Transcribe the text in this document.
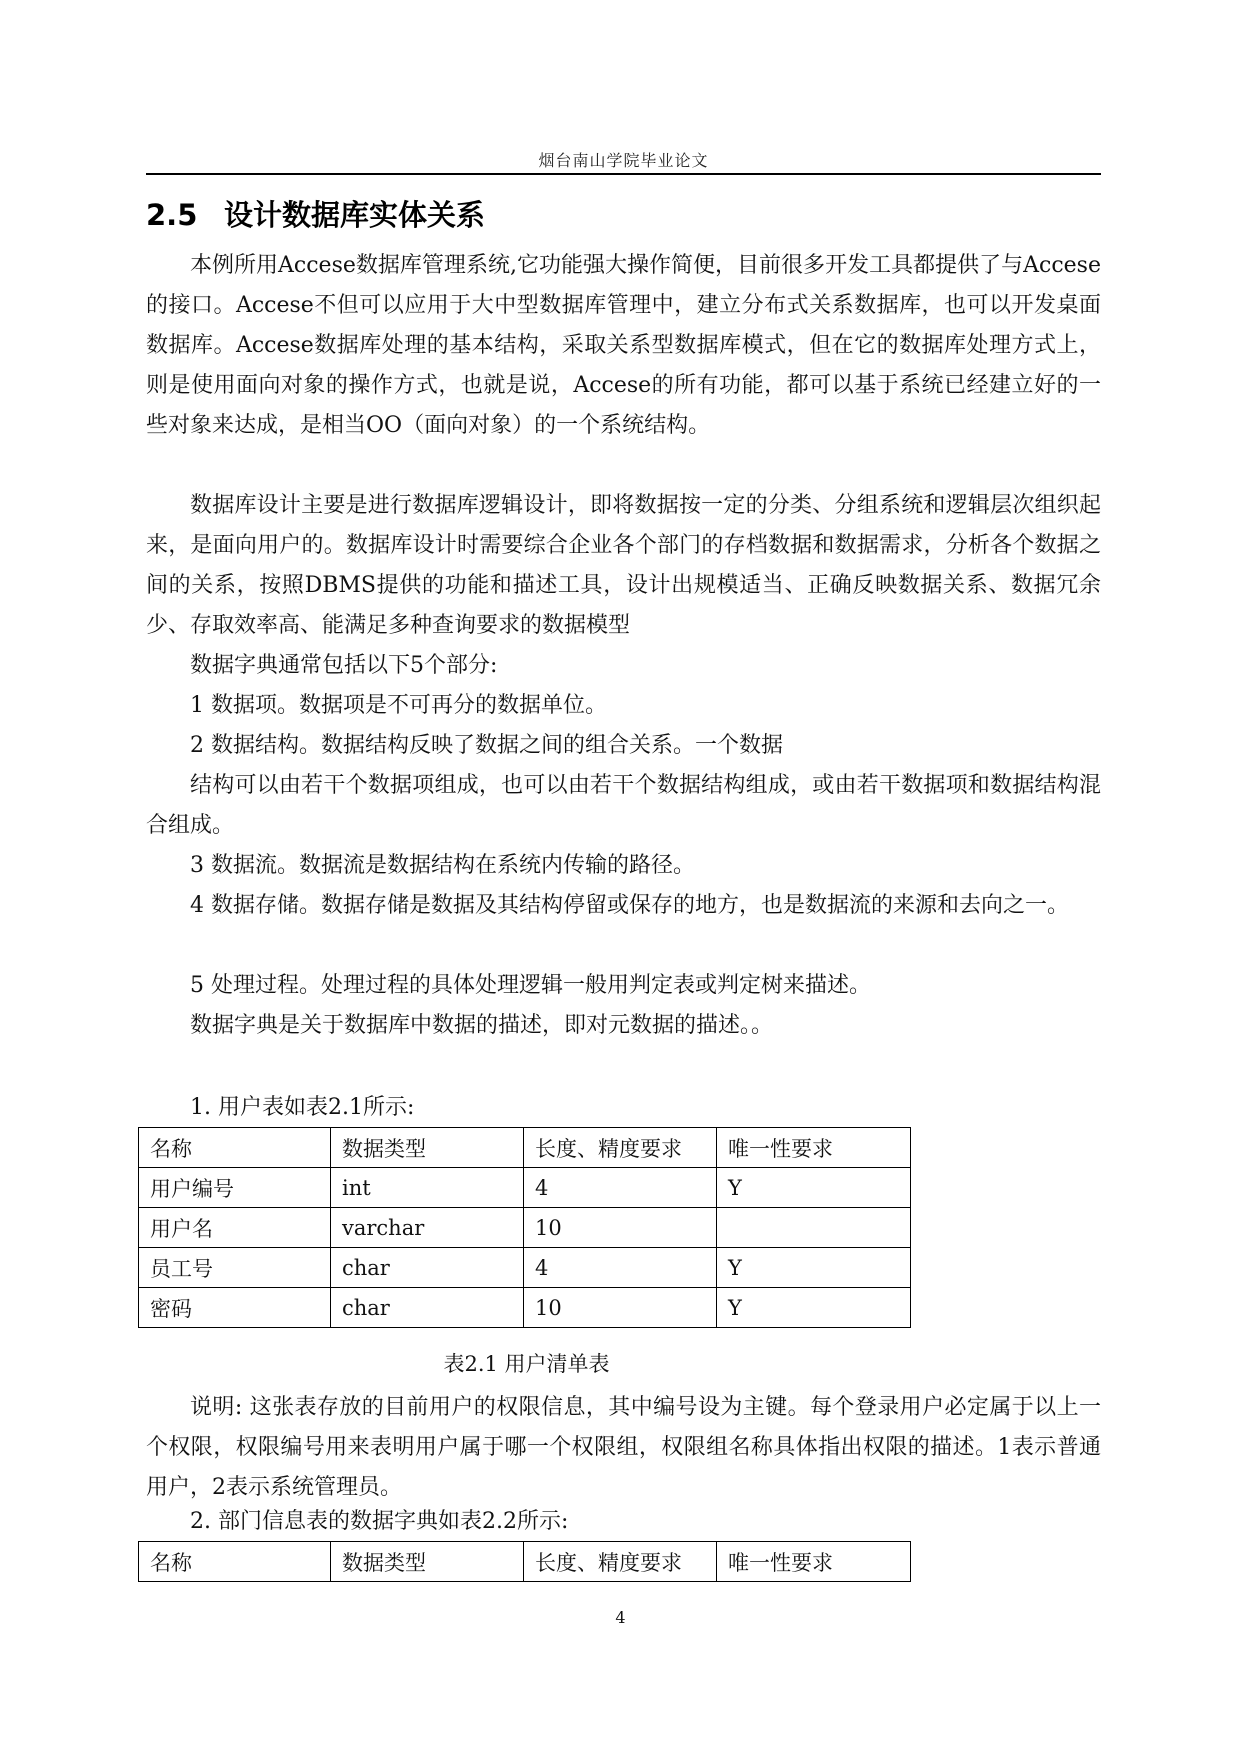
烟台南山学院毕业论文
2.5 设计数据库实体关系

本例所用Accese数据库管理系统,它功能强大操作简便，目前很多开发工具都提供了与Accese的接口。Accese不但可以应用于大中型数据库管理中，建立分布式关系数据库，也可以开发桌面数据库。Accese数据库处理的基本结构，采取关系型数据库模式，但在它的数据库处理方式上，则是使用面向对象的操作方式，也就是说，Accese的所有功能，都可以基于系统已经建立好的一些对象来达成，是相当OO（面向对象）的一个系统结构。

数据库设计主要是进行数据库逻辑设计，即将数据按一定的分类、分组系统和逻辑层次组织起来，是面向用户的。数据库设计时需要综合企业各个部门的存档数据和数据需求，分析各个数据之间的关系，按照DBMS提供的功能和描述工具，设计出规模适当、正确反映数据关系、数据冗余少、存取效率高、能满足多种查询要求的数据模型

数据字典通常包括以下5个部分:

1 数据项。数据项是不可再分的数据单位。

2 数据结构。数据结构反映了数据之间的组合关系。一个数据

结构可以由若干个数据项组成，也可以由若干个数据结构组成，或由若干数据项和数据结构混合组成。

3 数据流。数据流是数据结构在系统内传输的路径。

4 数据存储。数据存储是数据及其结构停留或保存的地方，也是数据流的来源和去向之一。

5 处理过程。处理过程的具体处理逻辑一般用判定表或判定树来描述。

数据字典是关于数据库中数据的描述，即对元数据的描述。。

1. 用户表如表2.1所示:

名称	数据类型	长度、精度要求	唯一性要求
用户编号	int	4	Y
用户名	varchar	10	
员工号	char	4	Y
密码	char	10	Y
表2.1 用户清单表

说明: 这张表存放的目前用户的权限信息，其中编号设为主键。每个登录用户必定属于以上一个权限，权限编号用来表明用户属于哪一个权限组，权限组名称具体指出权限的描述。1表示普通用户，2表示系统管理员。

2. 部门信息表的数据字典如表2.2所示:

名称	数据类型	长度、精度要求	唯一性要求
4
